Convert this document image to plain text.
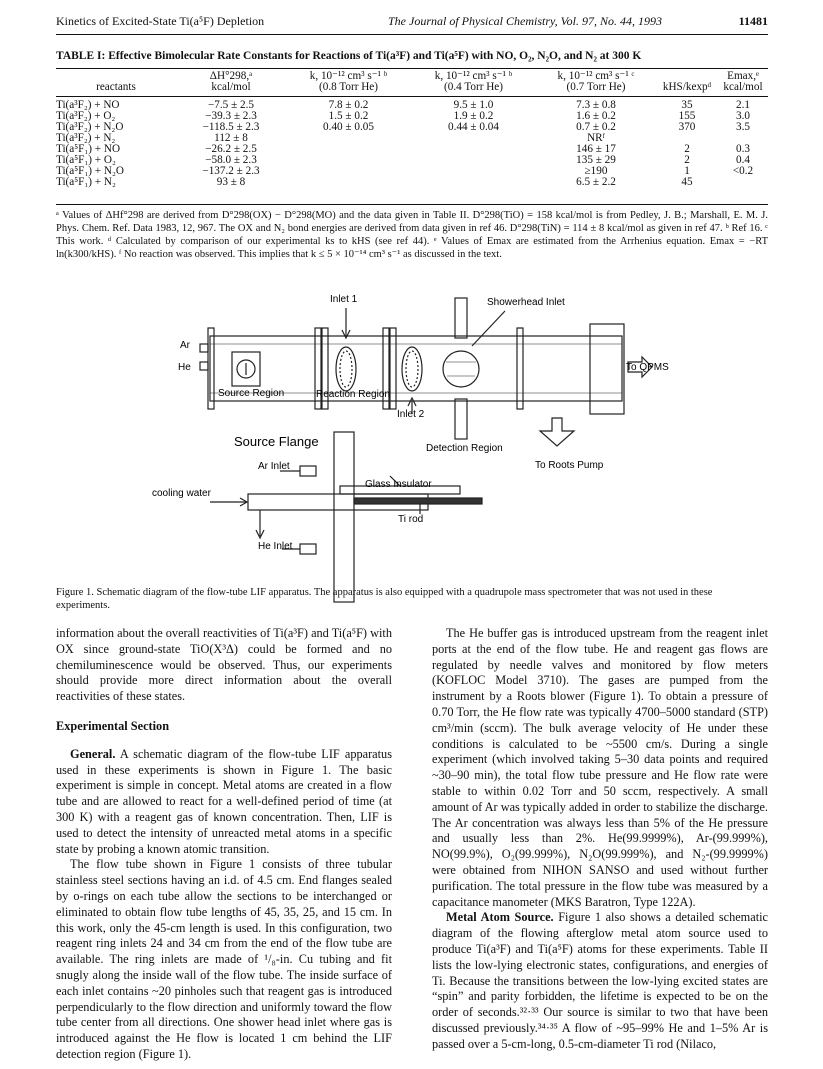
Kinetics of Excited-State Ti(a⁵F) Depletion	The Journal of Physical Chemistry, Vol. 97, No. 44, 1993	11481
TABLE I: Effective Bimolecular Rate Constants for Reactions of Ti(a³F) and Ti(a⁵F) with NO, O₂, N₂O, and N₂ at 300 K
	ΔH°298,ᵃ	k, 10⁻¹² cm³ s⁻¹ ᵇ	k, 10⁻¹² cm³ s⁻¹ ᵇ	k, 10⁻¹² cm³ s⁻¹ ᶜ		Emax,ᵉ
reactants	kcal/mol	(0.8 Torr He)	(0.4 Torr He)	(0.7 Torr He)	kHS/kexpᵈ	kcal/mol
Ti(a³F₂) + NO	−7.5 ± 2.5	7.8 ± 0.2	9.5 ± 1.0	7.3 ± 0.8	35	2.1
Ti(a³F₂) + O₂	−39.3 ± 2.3	1.5 ± 0.2	1.9 ± 0.2	1.6 ± 0.2	155	3.0
Ti(a³F₂) + N₂O	−118.5 ± 2.3	0.40 ± 0.05	0.44 ± 0.04	0.7 ± 0.2	370	3.5
Ti(a³F₂) + N₂	112 ± 8			NRᶠ		
Ti(a⁵F₁) + NO	−26.2 ± 2.5			146 ± 17	2	0.3
Ti(a⁵F₁) + O₂	−58.0 ± 2.3			135 ± 29	2	0.4
Ti(a⁵F₁) + N₂O	−137.2 ± 2.3			≥190	1	<0.2
Ti(a⁵F₁) + N₂	93 ± 8			6.5 ± 2.2	45	
ᵃ Values of ΔHf°298 are derived from D°298(OX) − D°298(MO) and the data given in Table II. D°298(TiO) = 158 kcal/mol is from Pedley, J. B.; Marshall, E. M. J. Phys. Chem. Ref. Data 1983, 12, 967. The OX and N₂ bond energies are derived from data given in ref 46. D°298(TiN) = 114 ± 8 kcal/mol as given in ref 47. ᵇ Ref 16. ᶜ This work. ᵈ Calculated by comparison of our experimental ks to kHS (see ref 44). ᵉ Values of Emax are estimated from the Arrhenius equation. Emax = −RT ln(k300/kHS). ᶠ No reaction was observed. This implies that k ≤ 5 × 10⁻¹⁴ cm³ s⁻¹ as discussed in the text.
Inlet 1	Showerhead Inlet
Ar
He	To QPMS
Source Region	Reaction Region
Inlet 2
Source Flange	Detection Region
Ar Inlet	To Roots Pump
Glass Insulator
cooling water
Ti rod
He Inlet
Figure 1. Schematic diagram of the flow-tube LIF apparatus. The apparatus is also equipped with a quadrupole mass spectrometer that was not used in these experiments.

information about the overall reactivities of Ti(a³F) and Ti(a⁵F) with OX since ground-state TiO(X³Δ) could be formed and no chemiluminescence would be observed. Thus, our experiments should provide more direct information about the overall reactivities of these states.

Experimental Section

General. A schematic diagram of the flow-tube LIF apparatus used in these experiments is shown in Figure 1. The basic experiment is simple in concept. Metal atoms are created in a flow tube and are allowed to react for a well-defined period of time (at 300 K) with a reagent gas of known concentration. Then, LIF is used to detect the intensity of unreacted metal atoms in a specific state by probing a known atomic transition.

The flow tube shown in Figure 1 consists of three tubular stainless steel sections having an i.d. of 4.5 cm. End flanges sealed by o-rings on each tube allow the sections to be interchanged or eliminated to obtain flow tube lengths of 45, 35, 25, and 15 cm. In this work, only the 45-cm length is used. In this configuration, two reagent ring inlets 24 and 34 cm from the end of the flow tube are available. The ring inlets are made of ¹/₈-in. Cu tubing and fit snugly along the inside wall of the flow tube. The inside surface of each inlet contains ~20 pinholes such that reagent gas is introduced perpendicularly to the flow direction and uniformly toward the flow tube center from all directions. One shower head inlet where gas is introduced against the He flow is located 1 cm behind the LIF detection region (Figure 1).

The He buffer gas is introduced upstream from the reagent inlet ports at the end of the flow tube. He and reagent gas flows are regulated by needle valves and monitored by flow meters (KOFLOC Model 3710). The gases are pumped from the instrument by a Roots blower (Figure 1). To obtain a pressure of 0.70 Torr, the He flow rate was typically 4700–5000 standard (STP) cm³/min (sccm). The bulk average velocity of He under these conditions is calculated to be ~5500 cm/s. During a single experiment (which involved taking 5–30 data points and required ~30–90 min), the total flow tube pressure and He flow rate were stable to within 0.02 Torr and 50 sccm, respectively. A small amount of Ar was typically added in order to stabilize the discharge. The Ar concentration was always less than 5% of the He pressure and usually less than 2%. He(99.9999%), Ar-(99.999%), NO(99.9%), O₂(99.999%), N₂O(99.999%), and N₂-(99.9999%) were obtained from NIHON SANSO and used without further purification. The total pressure in the flow tube was measured by a capacitance manometer (MKS Baratron, Type 122A).

Metal Atom Source. Figure 1 also shows a detailed schematic diagram of the flowing afterglow metal atom source used to produce Ti(a³F) and Ti(a⁵F) atoms for these experiments. Table II lists the low-lying electronic states, configurations, and energies of Ti. Because the transitions between the low-lying excited states are “spin” and parity forbidden, the lifetime is expected to be on the order of seconds.³²·³³ Our source is similar to two that have been discussed previously.³⁴·³⁵ A flow of ~95–99% He and 1–5% Ar is passed over a 5-cm-long, 0.5-cm-diameter Ti rod (Nilaco,
